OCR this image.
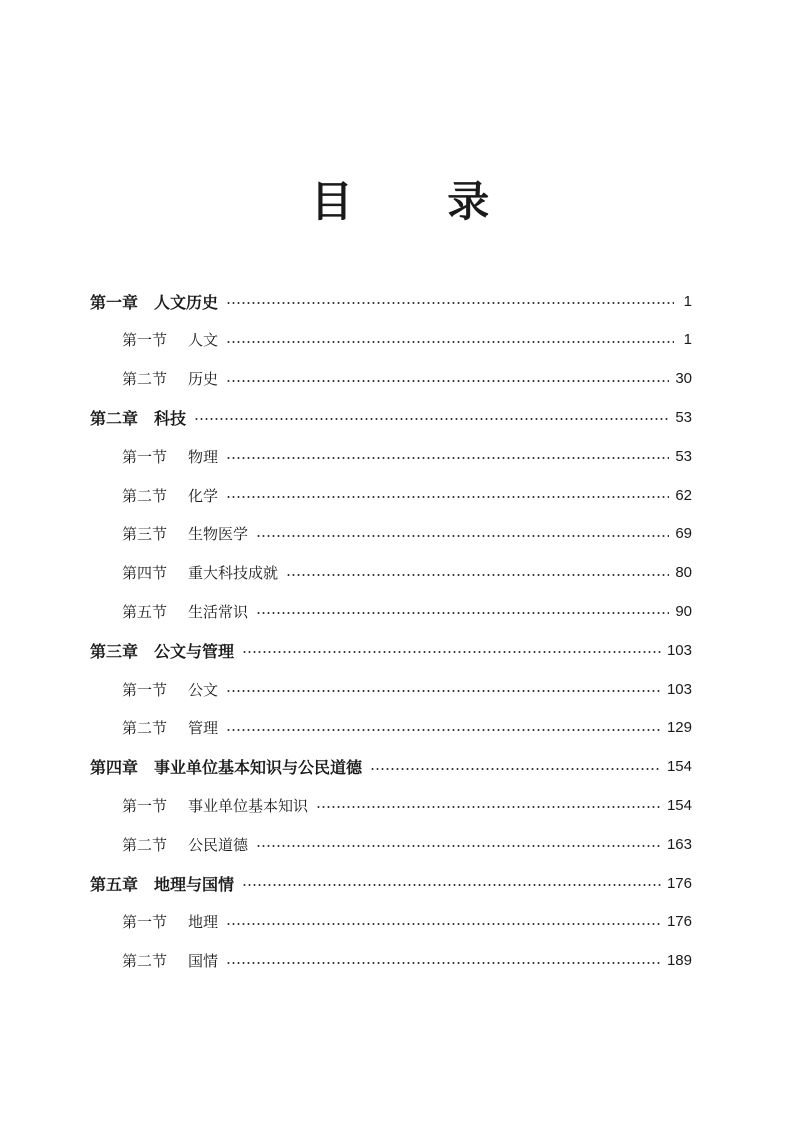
目 录
第一章 人文历史	1
第一节	人文	1
第二节	历史	30
第二章 科技	53
第一节	物理	53
第二节	化学	62
第三节	生物医学	69
第四节	重大科技成就	80
第五节	生活常识	90
第三章 公文与管理	103
第一节	公文	103
第二节	管理	129
第四章 事业单位基本知识与公民道德	154
第一节	事业单位基本知识	154
第二节	公民道德	163
第五章 地理与国情	176
第一节	地理	176
第二节	国情	189
